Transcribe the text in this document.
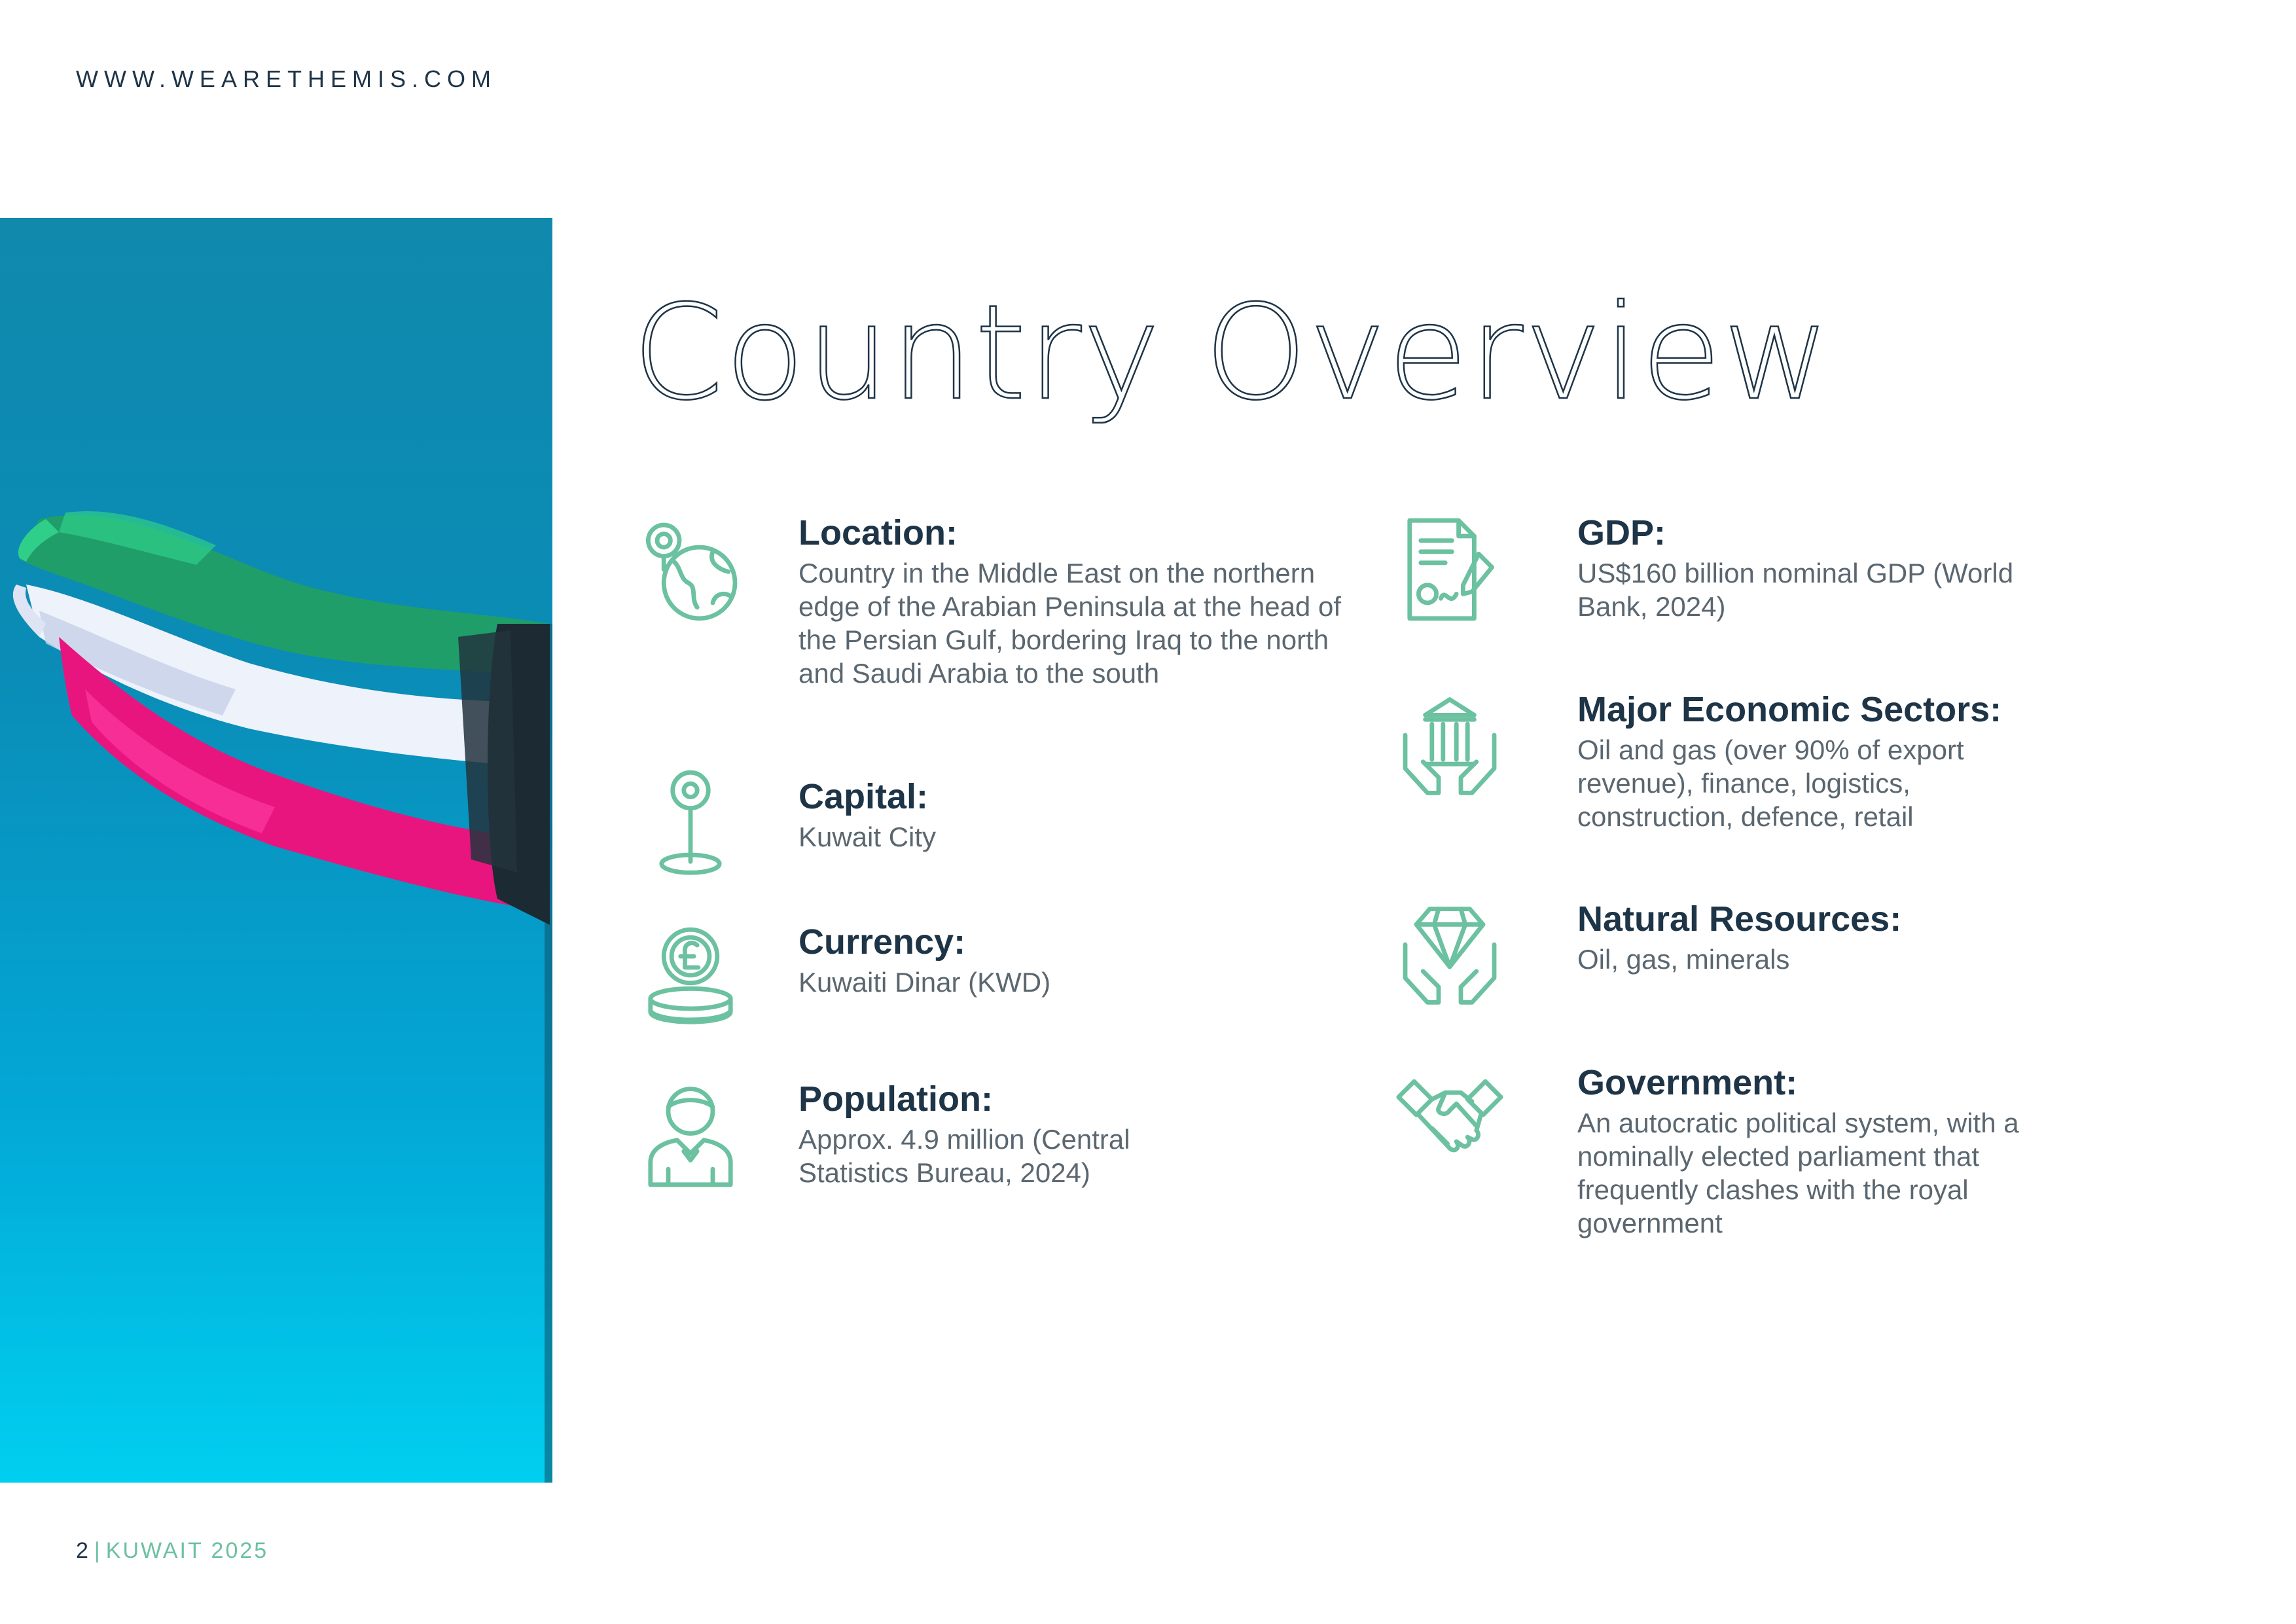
WWW.WEARETHEMIS.COM
Country Overview
Location:
Country in the Middle East on the northern edge of the Arabian Peninsula at the head of the Persian Gulf, bordering Iraq to the north and Saudi Arabia to the south
Capital:
Kuwait City
Currency:
Kuwaiti Dinar (KWD)
Population:
Approx. 4.9 million (Central Statistics Bureau, 2024)
GDP:
US$160 billion nominal GDP (World Bank, 2024)
Major Economic Sectors:
Oil and gas (over 90% of export revenue), finance, logistics, construction, defence, retail
Natural Resources:
Oil, gas, minerals
Government:
An autocratic political system, with a nominally elected parliament that frequently clashes with the royal government
2 | KUWAIT 2025
